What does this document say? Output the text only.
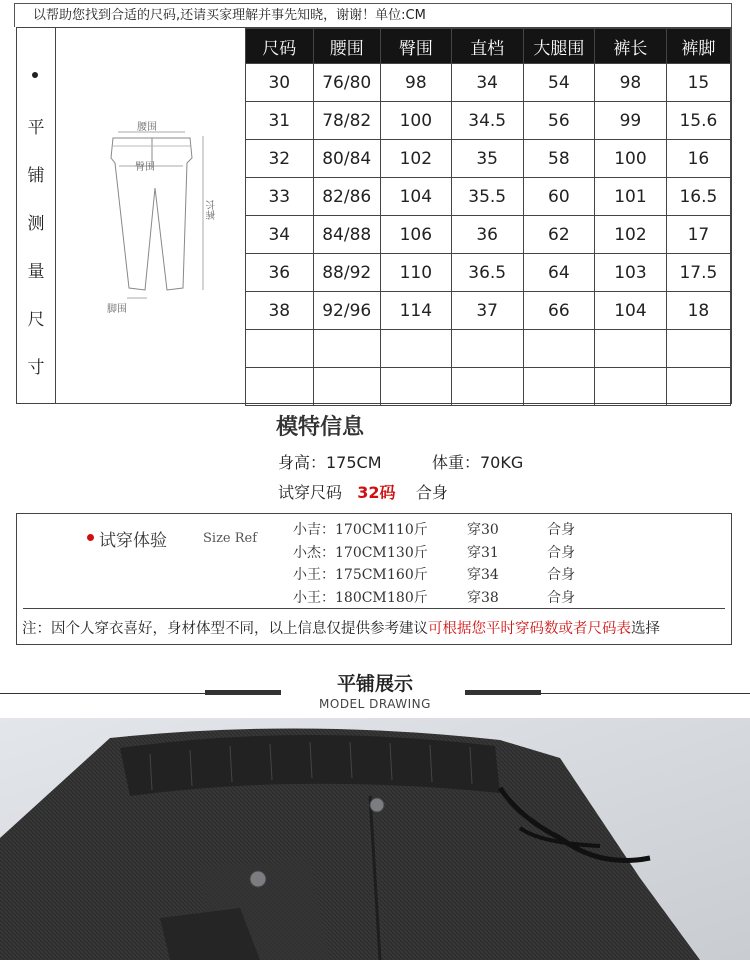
以帮助您找到合适的尺码,还请买家理解并事先知晓，谢谢！单位:CM
平
铺
测
量
尺
寸
腰围
臀围
裤长
脚围
尺码	腰围	臀围	直档	大腿围	裤长	裤脚
30	76/80	98	34	54	98	15
31	78/82	100	34.5	56	99	15.6
32	80/84	102	35	58	100	16
33	82/86	104	35.5	60	101	16.5
34	84/88	106	36	62	102	17
36	88/92	110	36.5	64	103	17.5
38	92/96	114	37	66	104	18

模特信息
身高：175CM	体重：70KG
试穿尺码 32码 合身
试穿体验	Size Ref
小吉：170CM110斤	穿30	合身
小杰：170CM130斤	穿31	合身
小王：175CM160斤	穿34	合身
小王：180CM180斤	穿38	合身
注：因个人穿衣喜好，身材体型不同，以上信息仅提供参考建议可根据您平时穿码数或者尺码表选择
平铺展示
MODEL DRAWING
